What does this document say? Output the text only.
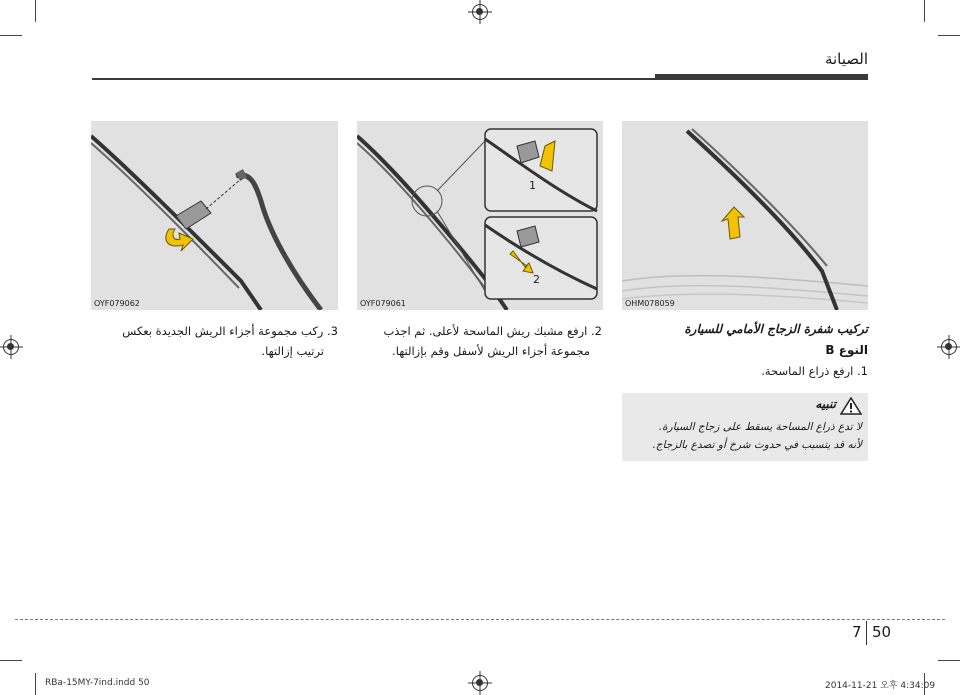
الصيانة
OYF079062
1
2
OYF079061	OHM078059
تركيب شفرة الزجاج الأمامي للسيارة
النوع B
1. ارفع ذراع الماسحة.
2. ارفع مشبك ريش الماسحة لأعلى. ثم اجذب
مجموعة أجزاء الريش لأسفل وقم بإزالتها.
3. ركب مجموعة أجزاء الريش الجديدة بعكس
ترتيب إزالتها.
تنبيه
لا تدع ذراع المساحة يسقط على زجاج السيارة.
لأنه قد يتسبب في حدوث شرخ أو تصدع بالزجاج.
7 50
RBa-15MY-7ind.indd 50	2014-11-21 오후 4:34:09
